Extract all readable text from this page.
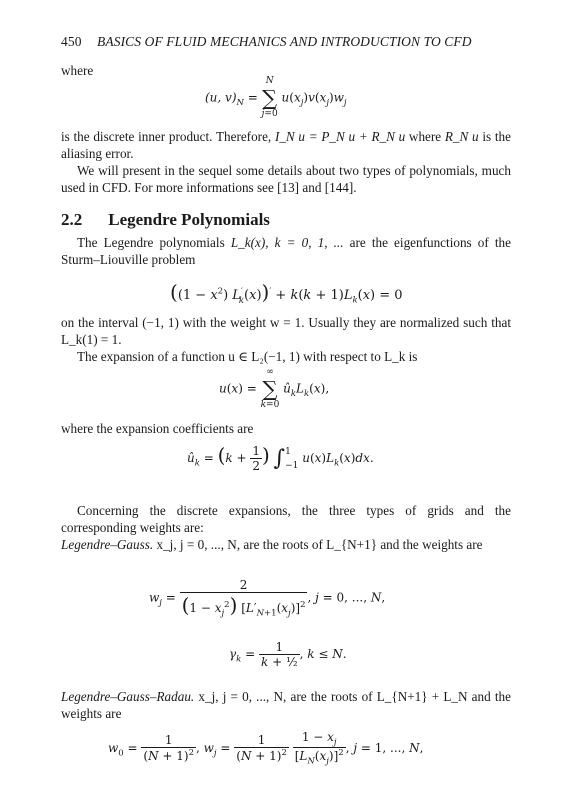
450 BASICS OF FLUID MECHANICS AND INTRODUCTION TO CFD
where
(u, $v)_N$ =
N
∑
j=0
$u(x_j)v(x_j)w_j$
is the discrete inner product. Therefore, I_N u = P_N u + R_N u where R_N u is the aliasing error.
We will present in the sequel some details about two types of polynomials, much used in CFD. For more informations see [13] and [144].
2.2 Legendre Polynomials
The Legendre polynomials L_k(x), k = 0, 1, ... are the eigenfunctions of the Sturm–Liouville problem
($(1 - x^2)$ $L'_k(x))' + k(k + 1)L_k(x) = 0$
on the interval (−1, 1) with the weight w = 1. Usually they are normalized such that L_k(1) = 1.
The expansion of a function u ∈ L₂(−1, 1) with respect to L_k is
u(x) =
∞
∑
k=0
$û_kL_k(x)$,
where the expansion coefficients are
$û_k = (k + \frac{1}{2}$ ) ∫ 1
−1
$u(x)L_k(x)dx$.
Concerning the discrete expansions, the three types of grids and the corresponding weights are:
Legendre–Gauss. x_j, j = 0, ..., N, are the roots of L_{N+1} and the weights are
$w_j = \frac{2}{(1 - x_j^2) [L'_{N+1}(x_j)]^2}$ , j = 0, ..., N,
$\gamma_k = \frac{1}{\text{k + ½}}$ , k ≤ N.
Legendre–Gauss–Radau. x_j, j = 0, ..., N, are the roots of L_{N+1} + L_N and the weights are
$w_0 = \frac{1}{(N + 1)^2}$ , $w_j = \frac{1}{(N + 1)^2}$
$\frac{1 - x_j}{[L_N(x_j)]^2}$ , j = 1, ..., N,
